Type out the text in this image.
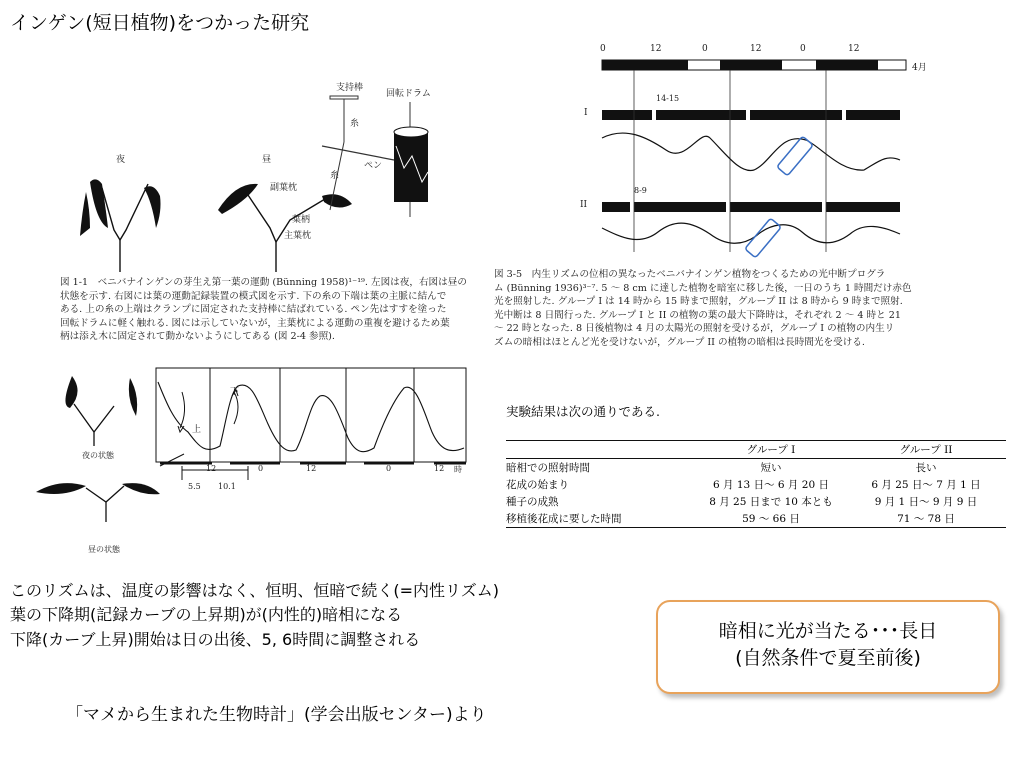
インゲン(短日植物)をつかった研究
夜	昼
支持棒
回転ドラム
糸
糸
ペン
副葉枕
葉柄
主葉枕
図 1-1　ベニバナインゲンの芽生え第一葉の運動 (Bünning 1958)¹⁻¹⁹. 左図は夜，右図は昼の
状態を示す. 右図には葉の運動記録装置の模式図を示す. 下の糸の下端は葉の主脈に結んで
ある. 上の糸の上端はクランプに固定された支持棒に結ばれている. ペン先はすすを塗った
回転ドラムに軽く触れる. 図には示していないが，主葉枕による運動の重複を避けるため葉
柄は添え木に固定されて動かないようにしてある (図 2-4 参照).
上
下
12	0	12	0	12 時
5.5 10.1
夜の状態
昼の状態
0	12	0	12	0	12
4月
I
II
14-15
8-9
図 3-5　内生リズムの位相の異なったベニバナインゲン植物をつくるための光中断プログラ
ム (Bünning 1936)³⁻⁷. 5 ～ 8 cm に達した植物を暗室に移した後，一日のうち 1 時間だけ赤色
光を照射した. グループ I は 14 時から 15 時まで照射，グループ II は 8 時から 9 時まで照射.
光中断は 8 日間行った. グループ I と II の植物の葉の最大下降時は，それぞれ 2 ～ 4 時と 21
～ 22 時となった. 8 日後植物は 4 月の太陽光の照射を受けるが，グループ I の植物の内生リ
ズムの暗相はほとんど光を受けないが，グループ II の植物の暗相は長時間光を受ける.
実験結果は次の通りである.
	グループ I	グループ II

暗相での照射時間	短い	長い
花成の始まり	6 月 13 日～ 6 月 20 日	6 月 25 日～ 7 月 1 日
種子の成熟	8 月 25 日まで 10 本とも	9 月 1 日～ 9 月 9 日
移植後花成に要した時間	59 ～ 66 日	71 ～ 78 日
このリズムは、温度の影響はなく、恒明、恒暗で続く(=内性リズム)
葉の下降期(記録カーブの上昇期)が(内性的)暗相になる
下降(カーブ上昇)開始は日の出後、5, 6時間に調整される	暗相に光が当たる･･･長日
(自然条件で夏至前後)
「マメから生まれた生物時計」(学会出版センター)より
